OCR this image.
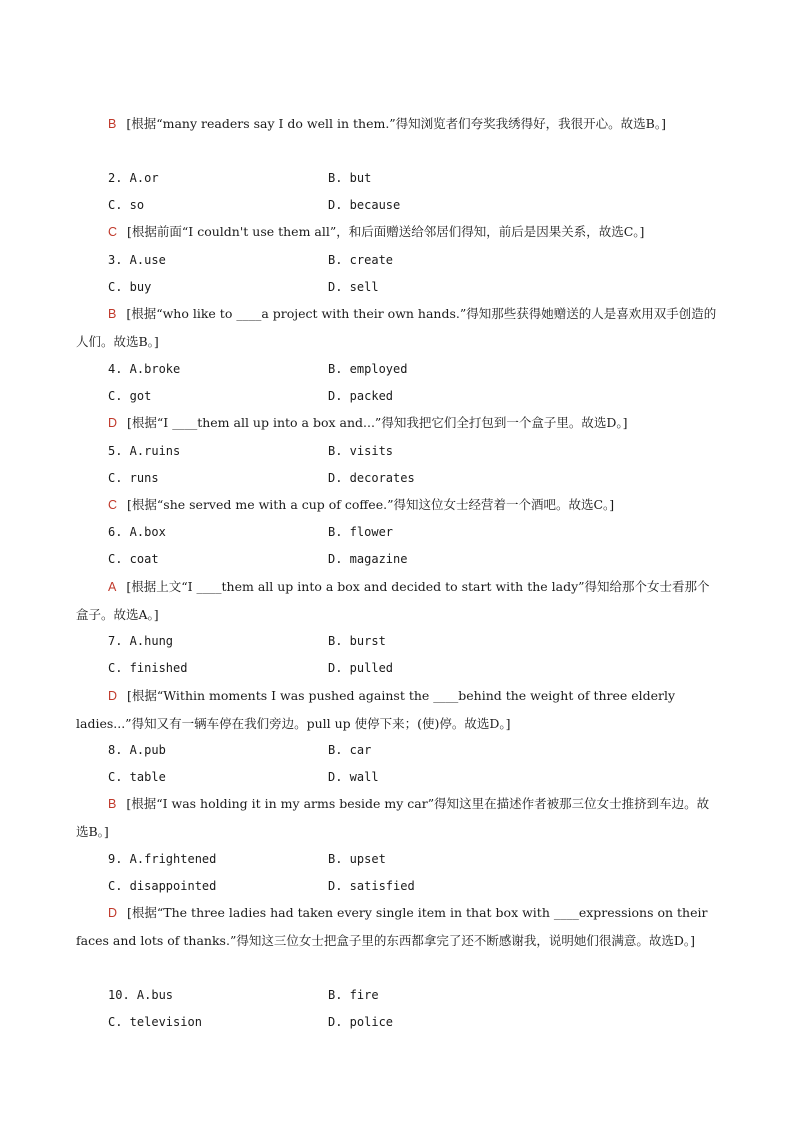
B [根据“many readers say I do well in them.”得知浏览者们夸奖我绣得好，我很开心。故选B。]
2. A.or	B. but
C. so	D. because
C [根据前面“I couldn't use them all”，和后面赠送给邻居们得知，前后是因果关系，故选C。]
3. A.use	B. create
C. buy	D. sell
B [根据“who like to ____a project with their own hands.”得知那些获得她赠送的人是喜欢用双手创造的人们。故选B。]
4. A.broke	B. employed
C. got	D. packed
D [根据“I ____them all up into a box and...”得知我把它们全打包到一个盒子里。故选D。]
5. A.ruins	B. visits
C. runs	D. decorates
C [根据“she served me with a cup of coffee.”得知这位女士经营着一个酒吧。故选C。]
6. A.box	B. flower
C. coat	D. magazine
A [根据上文“I ____them all up into a box and decided to start with the lady”得知给那个女士看那个盒子。故选A。]
7. A.hung	B. burst
C. finished	D. pulled
D [根据“Within moments I was pushed against the ____behind the weight of three elderly ladies...”得知又有一辆车停在我们旁边。pull up 使停下来；(使)停。故选D。]
8. A.pub	B. car
C. table	D. wall
B [根据“I was holding it in my arms beside my car”得知这里在描述作者被那三位女士推挤到车边。故选B。]
9. A.frightened	B. upset
C. disappointed	D. satisfied
D [根据“The three ladies had taken every single item in that box with ____expressions on their faces and lots of thanks.”得知这三位女士把盒子里的东西都拿完了还不断感谢我，说明她们很满意。故选D。]
10. A.bus	B. fire
C. television	D. police
